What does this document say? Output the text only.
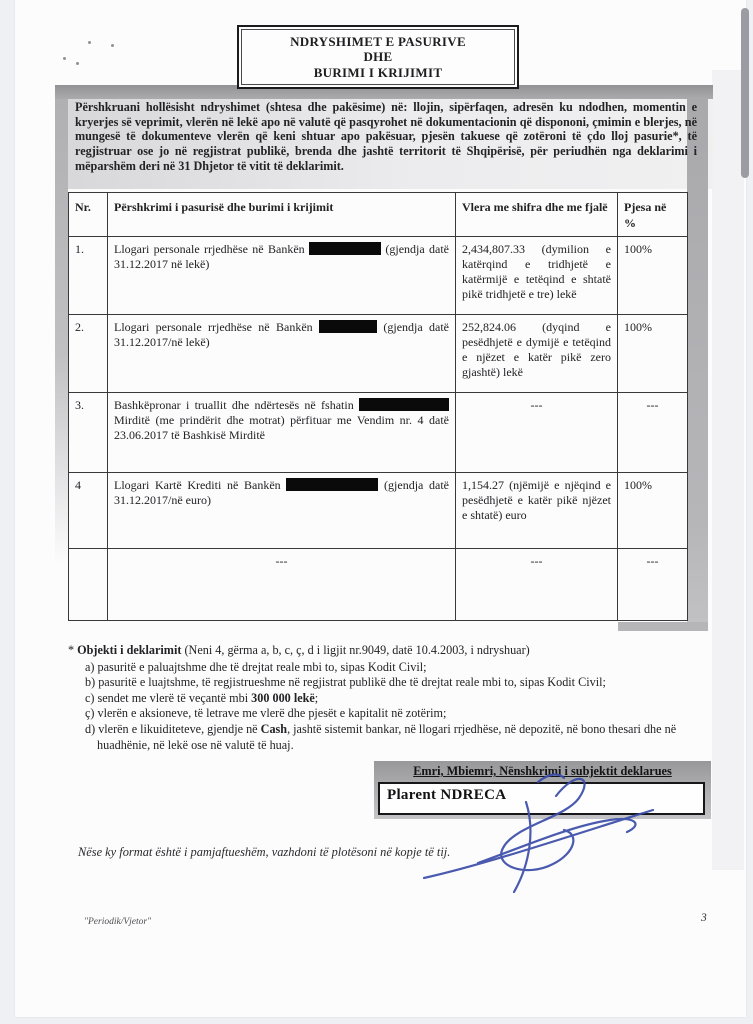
NDRYSHIMET E PASURIVE
DHE
BURIMI I KRIJIMIT
Përshkruani hollësisht ndryshimet (shtesa dhe pakësime) në: llojin, sipërfaqen, adresën ku ndodhen, momentin e kryerjes së veprimit, vlerën në lekë apo në valutë që pasqyrohet në dokumentacionin që dispononi, çmimin e blerjes, në mungesë të dokumenteve vlerën që keni shtuar apo pakësuar, pjesën takuese që zotëroni të çdo lloj pasurie*, të regjistruar ose jo në regjistrat publikë, brenda dhe jashtë territorit të Shqipërisë, për periudhën nga deklarimi i mëparshëm deri në 31 Dhjetor të vitit të deklarimit.
Nr.	Përshkrimi i pasurisë dhe burimi i krijimit	Vlera me shifra dhe me fjalë	Pjesa në %
1.	Llogari personale rrjedhëse në Bankën (gjendja datë 31.12.2017 në lekë)	2,434,807.33 (dymilion e katërqind e tridhjetë e katërmijë e tetëqind e shtatë pikë tridhjetë e tre) lekë	100%
2.	Llogari personale rrjedhëse në Bankën (gjendja datë 31.12.2017/në lekë)	252,824.06 (dyqind e pesëdhjetë e dymijë e tetëqind e njëzet e katër pikë zero gjashtë) lekë	100%
3.	Bashkëpronar i truallit dhe ndërtesës në fshatin  Mirditë (me prindërit dhe motrat) përfituar me Vendim nr. 4 datë 23.06.2017 të Bashkisë Mirditë	---	---
4	Llogari Kartë Krediti në Bankën (gjendja datë 31.12.2017/në euro)	1,154.27 (njëmijë e njëqind e pesëdhjetë e katër pikë njëzet e shtatë) euro	100%
	---	---	---
* Objekti i deklarimit (Neni 4, gërma a, b, c, ç, d i ligjit nr.9049, datë 10.4.2003, i ndryshuar)
a) pasuritë e paluajtshme dhe të drejtat reale mbi to, sipas Kodit Civil;
b) pasuritë e luajtshme, të regjistrueshme në regjistrat publikë dhe të drejtat reale mbi to, sipas Kodit Civil;
c) sendet me vlerë të veçantë mbi 300 000 lekë;
ç) vlerën e aksioneve, të letrave me vlerë dhe pjesët e kapitalit në zotërim;
d) vlerën e likuiditeteve, gjendje në Cash, jashtë sistemit bankar, në llogari rrjedhëse, në depozitë, në bono thesari dhe në huadhënie, në lekë ose në valutë të huaj.
Emri, Mbiemri, Nënshkrimi i subjektit deklarues
Plarent NDRECA
Nëse ky format është i pamjaftueshëm, vazhdoni të plotësoni në kopje të tij.
"Periodik/Vjetor"	3
